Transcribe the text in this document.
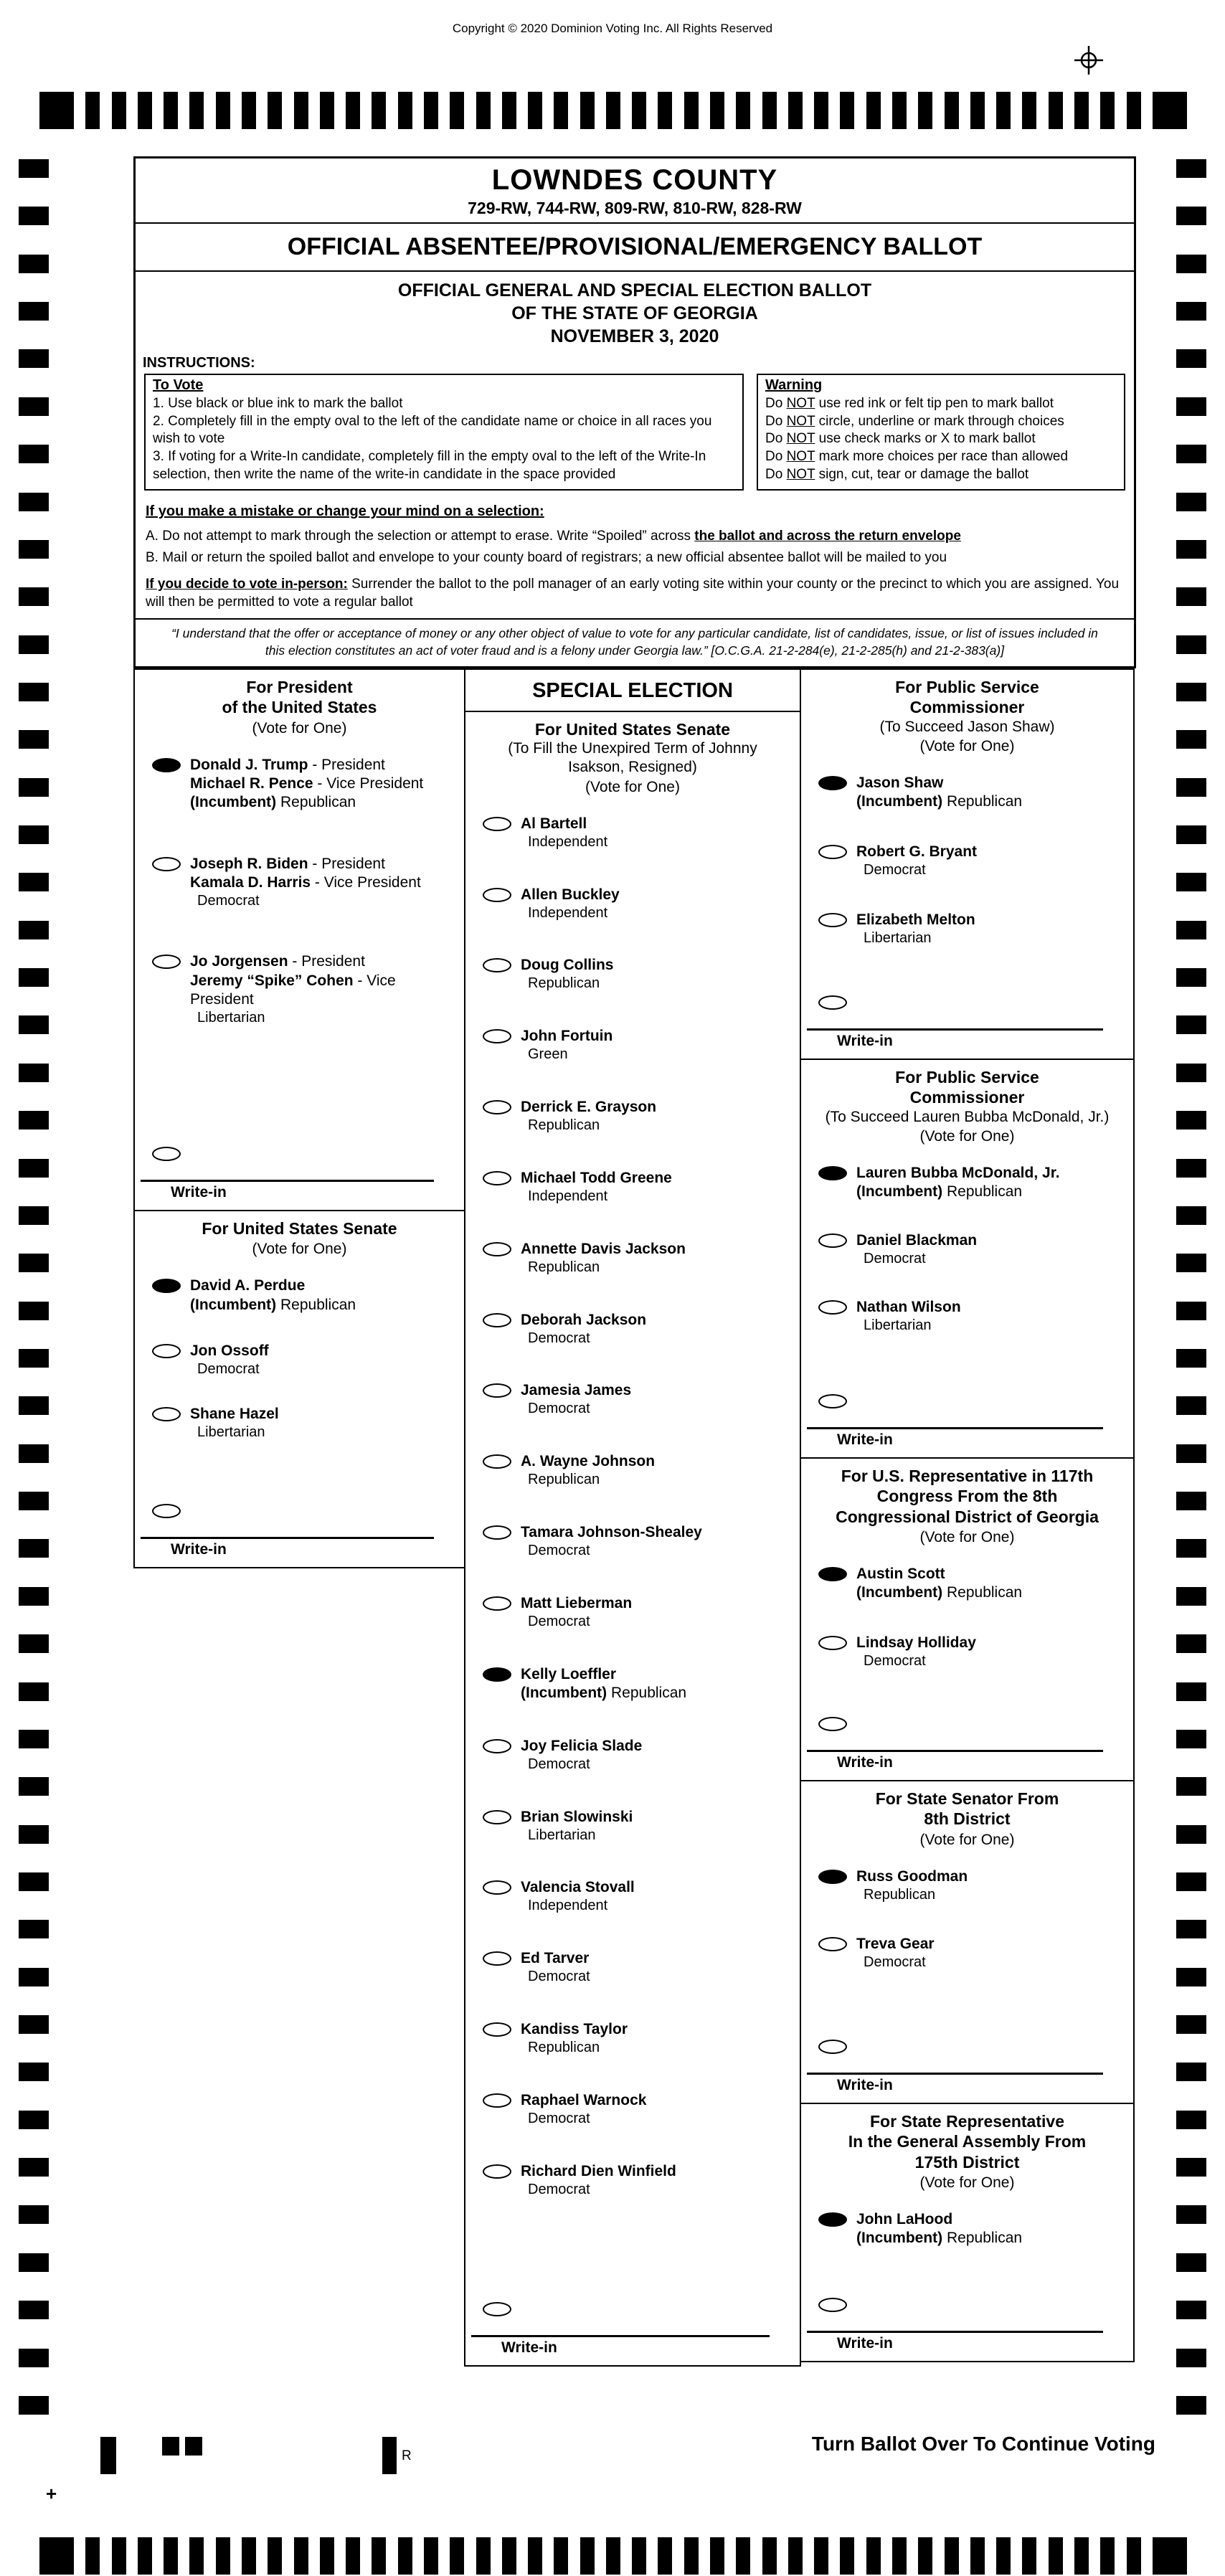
Copyright © 2020 Dominion Voting Inc. All Rights Reserved
LOWNDES COUNTY
729-RW, 744-RW, 809-RW, 810-RW, 828-RW
OFFICIAL ABSENTEE/PROVISIONAL/EMERGENCY BALLOT
OFFICIAL GENERAL AND SPECIAL ELECTION BALLOT
OF THE STATE OF GEORGIA
NOVEMBER 3, 2020
INSTRUCTIONS:
To Vote
1. Use black or blue ink to mark the ballot
2. Completely fill in the empty oval to the left of the candidate name or choice in all races you wish to vote
3. If voting for a Write-In candidate, completely fill in the empty oval to the left of the Write-In selection, then write the name of the write-in candidate in the space provided
Warning
Do NOT use red ink or felt tip pen to mark ballot
Do NOT circle, underline or mark through choices
Do NOT use check marks or X to mark ballot
Do NOT mark more choices per race than allowed
Do NOT sign, cut, tear or damage the ballot
If you make a mistake or change your mind on a selection:
A. Do not attempt to mark through the selection or attempt to erase. Write “Spoiled” across the ballot and across the return envelope
B. Mail or return the spoiled ballot and envelope to your county board of registrars; a new official absentee ballot will be mailed to you
If you decide to vote in-person: Surrender the ballot to the poll manager of an early voting site within your county or the precinct to which you are assigned. You will then be permitted to vote a regular ballot
“I understand that the offer or acceptance of money or any other object of value to vote for any particular candidate, list of candidates, issue, or list of issues included in this election constitutes an act of voter fraud and is a felony under Georgia law.” [O.C.G.A. 21-2-284(e), 21-2-285(h) and 21-2-383(a)]
For President
of the United States
(Vote for One)
Donald J. Trump - President
Michael R. Pence - Vice President
(Incumbent) Republican
Joseph R. Biden - President
Kamala D. Harris - Vice President
Democrat
Jo Jorgensen - President
Jeremy “Spike” Cohen - Vice President
Libertarian
Write-in
For United States Senate
(Vote for One)
David A. Perdue
(Incumbent) Republican
Jon Ossoff
Democrat
Shane Hazel
Libertarian
Write-in
SPECIAL ELECTION
For United States Senate
(To Fill the Unexpired Term of Johnny
Isakson, Resigned)
(Vote for One)
Al Bartell
Independent
Allen Buckley
Independent
Doug Collins
Republican
John Fortuin
Green
Derrick E. Grayson
Republican
Michael Todd Greene
Independent
Annette Davis Jackson
Republican
Deborah Jackson
Democrat
Jamesia James
Democrat
A. Wayne Johnson
Republican
Tamara Johnson-Shealey
Democrat
Matt Lieberman
Democrat
Kelly Loeffler
(Incumbent) Republican
Joy Felicia Slade
Democrat
Brian Slowinski
Libertarian
Valencia Stovall
Independent
Ed Tarver
Democrat
Kandiss Taylor
Republican
Raphael Warnock
Democrat
Richard Dien Winfield
Democrat
Write-in
For Public Service
Commissioner
(To Succeed Jason Shaw)
(Vote for One)
Jason Shaw
(Incumbent) Republican
Robert G. Bryant
Democrat
Elizabeth Melton
Libertarian
Write-in
For Public Service
Commissioner
(To Succeed Lauren Bubba McDonald, Jr.)
(Vote for One)
Lauren Bubba McDonald, Jr.
(Incumbent) Republican
Daniel Blackman
Democrat
Nathan Wilson
Libertarian
Write-in
For U.S. Representative in 117th
Congress From the 8th
Congressional District of Georgia
(Vote for One)
Austin Scott
(Incumbent) Republican
Lindsay Holliday
Democrat
Write-in
For State Senator From
8th District
(Vote for One)
Russ Goodman
Republican
Treva Gear
Democrat
Write-in
For State Representative
In the General Assembly From
175th District
(Vote for One)
John LaHood
(Incumbent) Republican
Write-in
Turn Ballot Over To Continue Voting
+
R
